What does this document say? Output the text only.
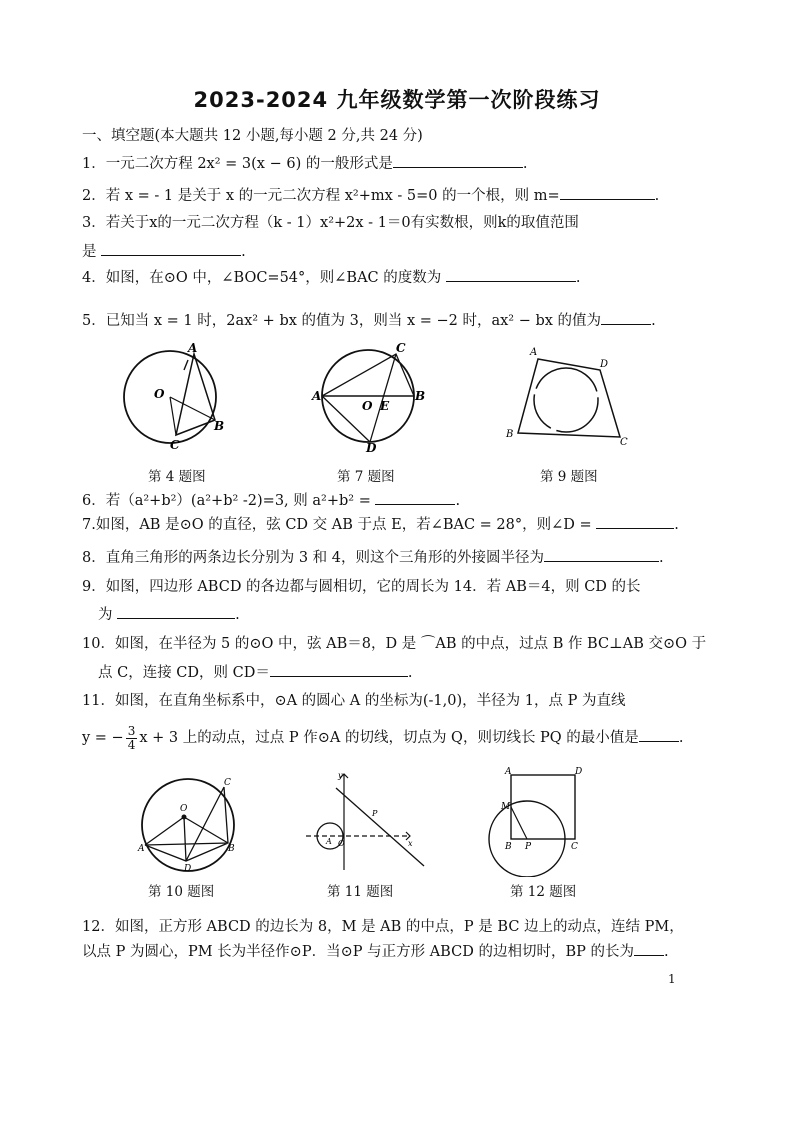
2023-2024 九年级数学第一次阶段练习
一、填空题(本大题共 12 小题,每小题 2 分,共 24 分)
1．一元二次方程 2x² = 3(x − 6) 的一般形式是	.
2．若 x = - 1 是关于 x 的一元二次方程 x²+mx - 5=0 的一个根，则 m=	.
3．若关于x的一元二次方程（k - 1）x²+2x - 1＝0有实数根，则k的取值范围
是	.
4．如图，在⊙O 中，∠BOC=54°，则∠BAC 的度数为	.
5．已知当 x = 1 时，2ax² + bx 的值为 3，则当 x = −2 时，ax² − bx 的值为	.
A
O
B
C
第 4 题图
A	B
C
D
O E
第 7 题图
A
D
B
C
第 9 题图
6．若（a²+b²）(a²+b² -2)=3, 则 a²+b² =	.
7.如图，AB 是⊙O 的直径，弦 CD 交 AB 于点 E，若∠BAC = 28°，则∠D =	.
8．直角三角形的两条边长分别为 3 和 4，则这个三角形的外接圆半径为	.
9．如图，四边形 ABCD 的各边都与圆相切，它的周长为 14．若 AB＝4，则 CD 的长
为	.
10．如图，在半径为 5 的⊙O 中，弦 AB＝8，D 是 ⌒AB 的中点，过点 B 作 BC⊥AB 交⊙O 于
点 C，连接 CD，则 CD＝	.
11．如图，在直角坐标系中，⊙A 的圆心 A 的坐标为(-1,0)，半径为 1，点 P 为直线
y = − $\frac{3}{4}$ x + 3 上的动点，过点 P 作⊙A 的切线，切点为 Q，则切线长 PQ 的最小值是	.
C
O
A	B
D
第 10 题图
y
x
A O
P
第 11 题图
A	D
M
B P	C
第 12 题图
12．如图，正方形 ABCD 的边长为 8，M 是 AB 的中点，P 是 BC 边上的动点，连结 PM，
以点 P 为圆心，PM 长为半径作⊙P．当⊙P 与正方形 ABCD 的边相切时，BP 的长为 .
1
